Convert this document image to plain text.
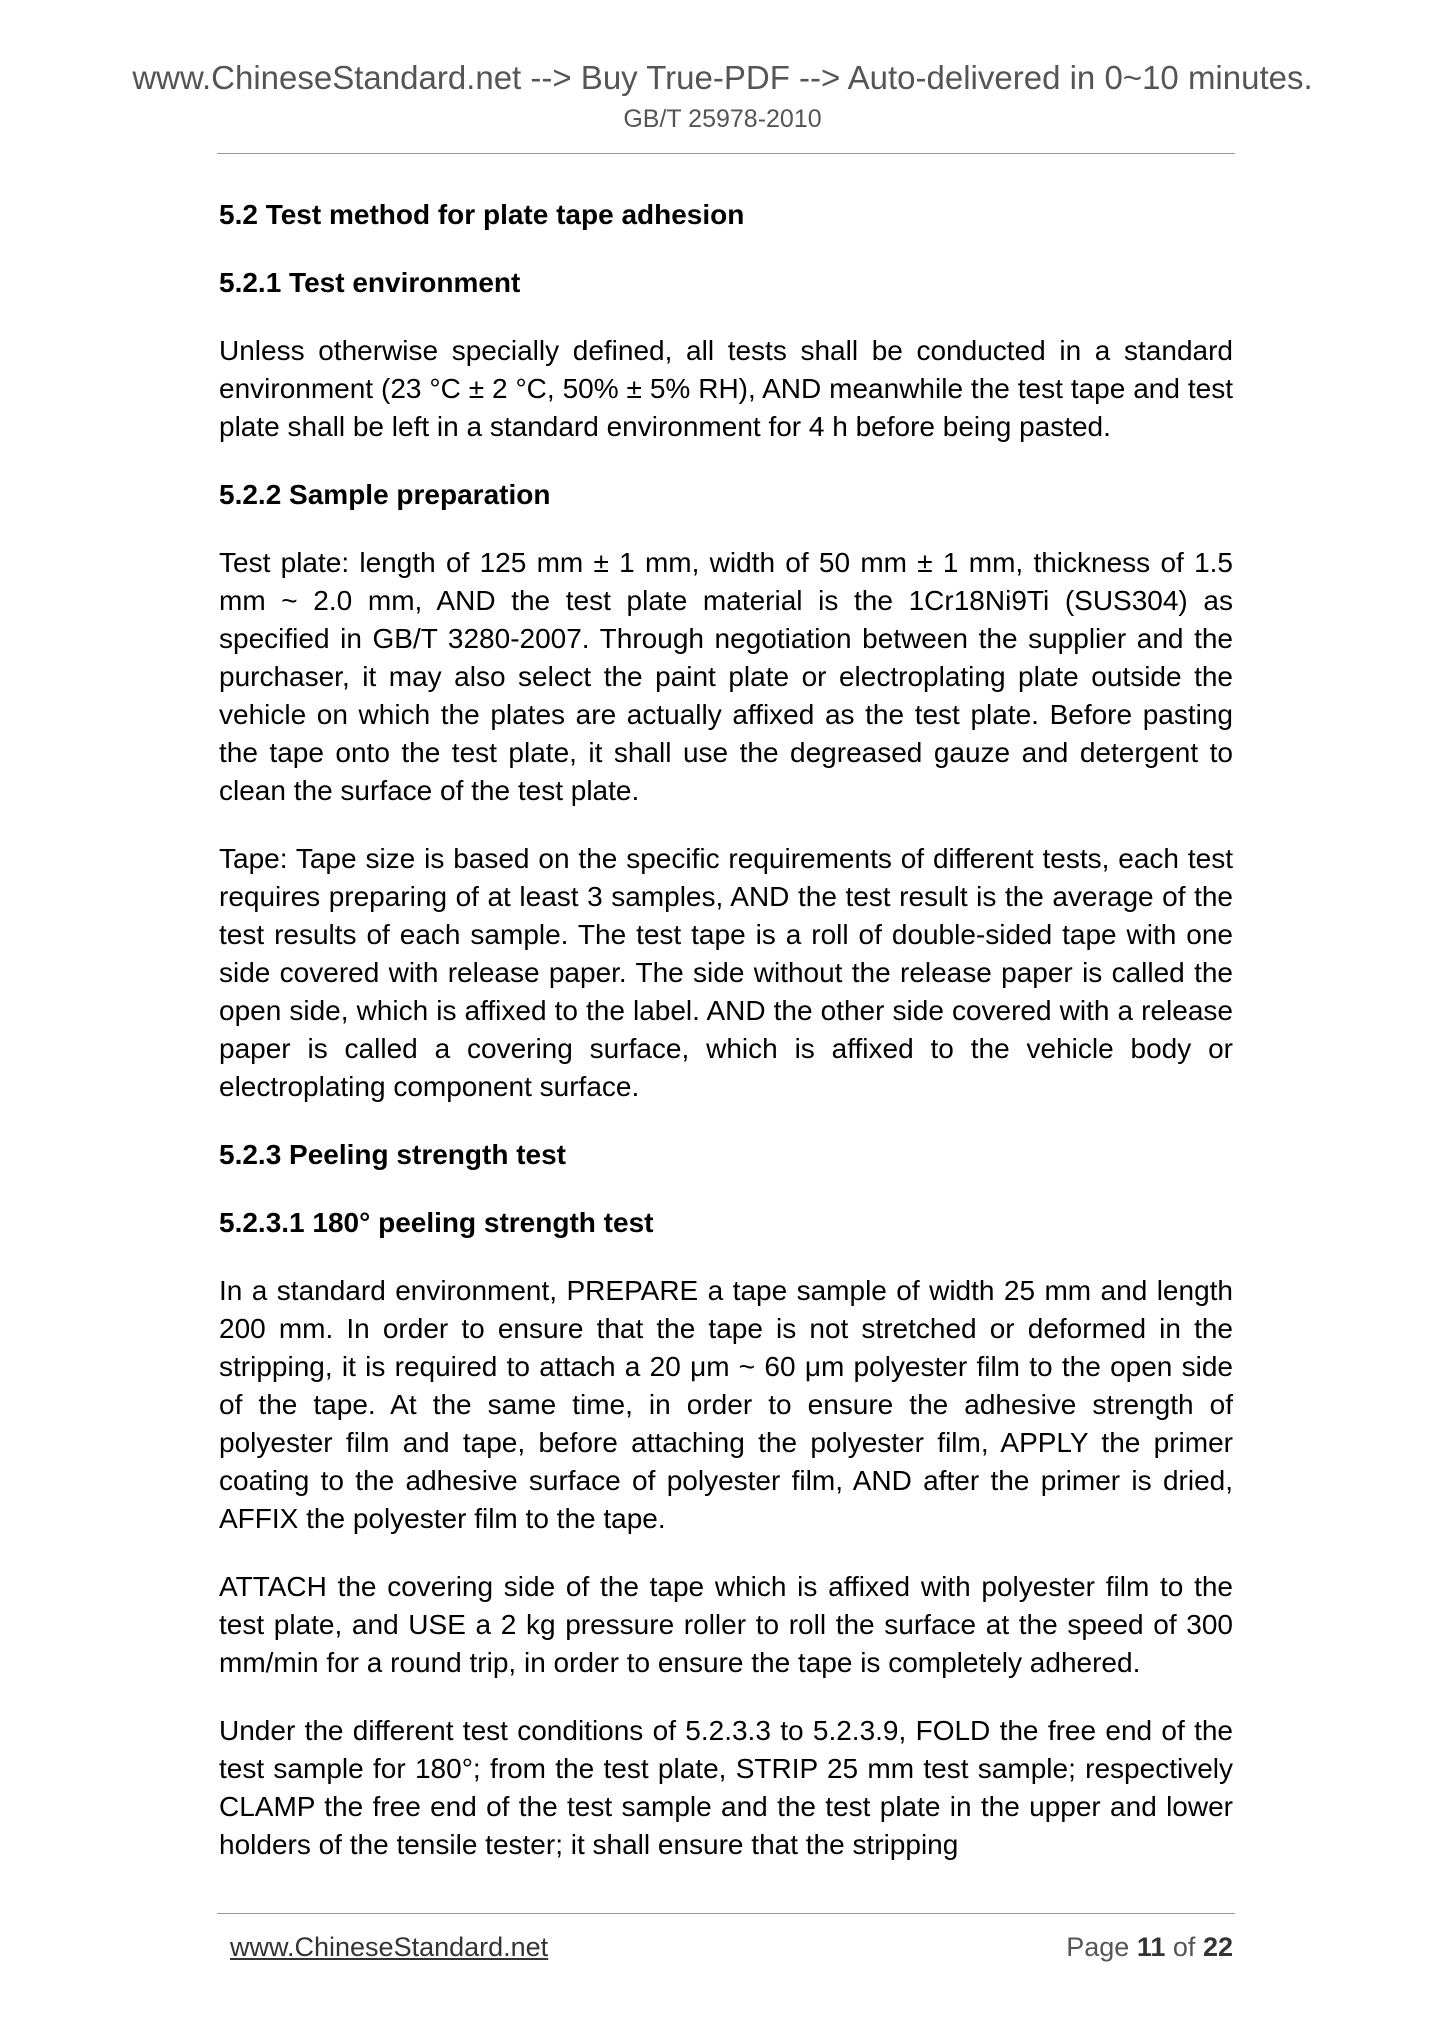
www.ChineseStandard.net --> Buy True-PDF --> Auto-delivered in 0~10 minutes.
GB/T 25978-2010
5.2 Test method for plate tape adhesion
5.2.1 Test environment
Unless otherwise specially defined, all tests shall be conducted in a standard environment (23 °C ± 2 °C, 50% ± 5% RH), AND meanwhile the test tape and test plate shall be left in a standard environment for 4 h before being pasted.
5.2.2 Sample preparation
Test plate: length of 125 mm ± 1 mm, width of 50 mm ± 1 mm, thickness of 1.5 mm ~ 2.0 mm, AND the test plate material is the 1Cr18Ni9Ti (SUS304) as specified in GB/T 3280-2007. Through negotiation between the supplier and the purchaser, it may also select the paint plate or electroplating plate outside the vehicle on which the plates are actually affixed as the test plate. Before pasting the tape onto the test plate, it shall use the degreased gauze and detergent to clean the surface of the test plate.
Tape: Tape size is based on the specific requirements of different tests, each test requires preparing of at least 3 samples, AND the test result is the average of the test results of each sample. The test tape is a roll of double-sided tape with one side covered with release paper. The side without the release paper is called the open side, which is affixed to the label. AND the other side covered with a release paper is called a covering surface, which is affixed to the vehicle body or electroplating component surface.
5.2.3 Peeling strength test
5.2.3.1 180° peeling strength test
In a standard environment, PREPARE a tape sample of width 25 mm and length 200 mm. In order to ensure that the tape is not stretched or deformed in the stripping, it is required to attach a 20 μm ~ 60 μm polyester film to the open side of the tape. At the same time, in order to ensure the adhesive strength of polyester film and tape, before attaching the polyester film, APPLY the primer coating to the adhesive surface of polyester film, AND after the primer is dried, AFFIX the polyester film to the tape.
ATTACH the covering side of the tape which is affixed with polyester film to the test plate, and USE a 2 kg pressure roller to roll the surface at the speed of 300 mm/min for a round trip, in order to ensure the tape is completely adhered.
Under the different test conditions of 5.2.3.3 to 5.2.3.9, FOLD the free end of the test sample for 180°; from the test plate, STRIP 25 mm test sample; respectively CLAMP the free end of the test sample and the test plate in the upper and lower holders of the tensile tester; it shall ensure that the stripping
www.ChineseStandard.net	Page 11 of 22
